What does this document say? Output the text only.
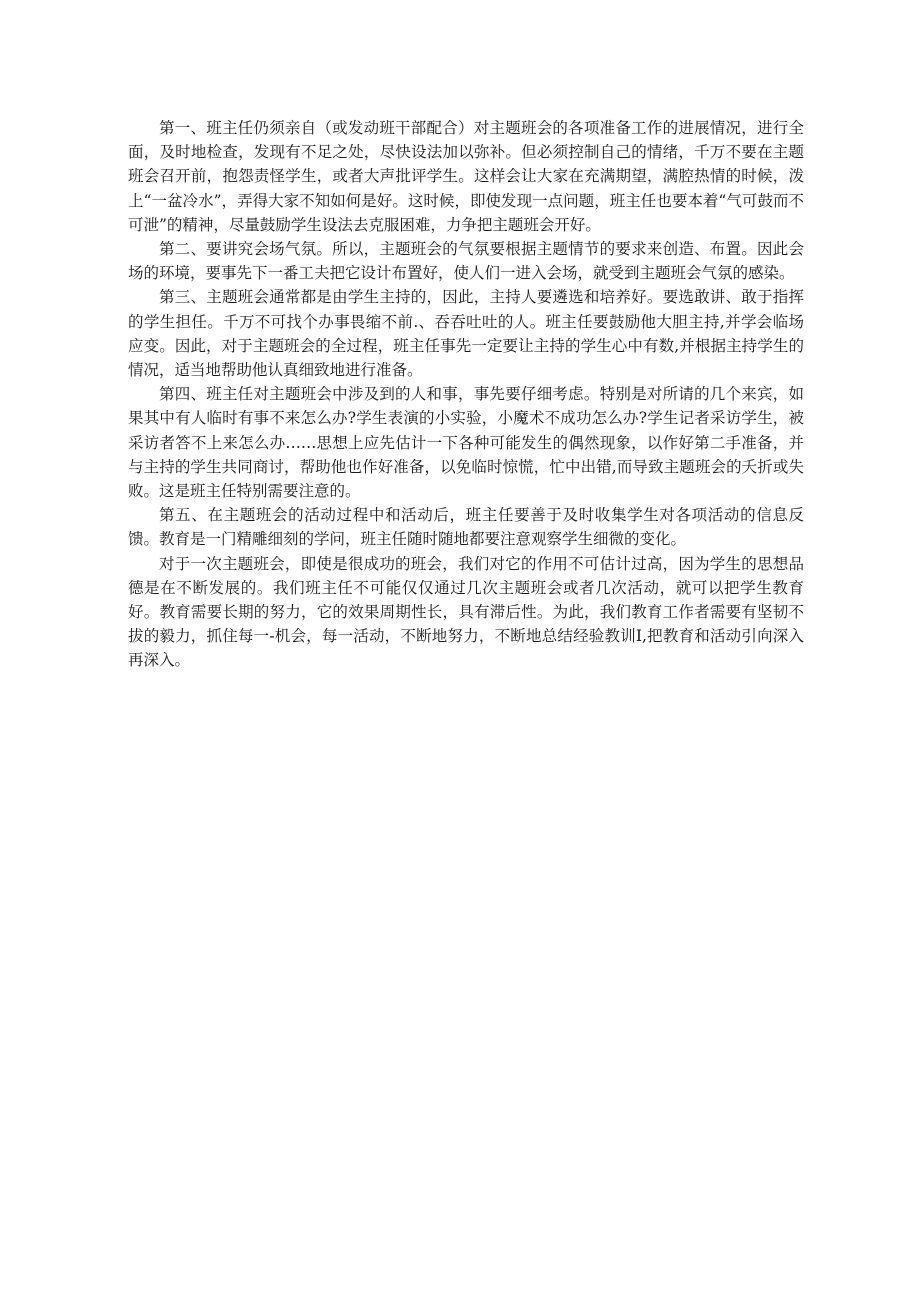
第一、班主任仍须亲自（或发动班干部配合）对主题班会的各项准备工作的进展情况，进行全面，及时地检查，发现有不足之处，尽快设法加以弥补。但必须控制自己的情绪，千万不要在主题班会召开前，抱怨责怪学生，或者大声批评学生。这样会让大家在充满期望，满腔热情的时候，泼上“一盆冷水”，弄得大家不知如何是好。这时候，即使发现一点问题，班主任也要本着“气可鼓而不可泄”的精神，尽量鼓励学生设法去克服困难，力争把主题班会开好。

第二、要讲究会场气氛。所以，主题班会的气氛要根据主题情节的要求来创造、布置。因此会场的环境，要事先下一番工夫把它设计布置好，使人们一进入会场，就受到主题班会气氛的感染。

第三、主题班会通常都是由学生主持的，因此，主持人要遴选和培养好。要选敢讲、敢于指挥的学生担任。千万不可找个办事畏缩不前.、吞吞吐吐的人。班主任要鼓励他大胆主持,并学会临场应变。因此，对于主题班会的全过程，班主任事先一定要让主持的学生心中有数,并根据主持学生的情况，适当地帮助他认真细致地进行准备。

第四、班主任对主题班会中涉及到的人和事，事先要仔细考虑。特别是对所请的几个来宾，如果其中有人临时有事不来怎么办?学生表演的小实验，小魔术不成功怎么办?学生记者采访学生，被采访者答不上来怎么办……思想上应先估计一下各种可能发生的偶然现象，以作好第二手准备，并与主持的学生共同商讨，帮助他也作好准备，以免临时惊慌，忙中出错,而导致主题班会的夭折或失败。这是班主任特别需要注意的。

第五、在主题班会的活动过程中和活动后，班主任要善于及时收集学生对各项活动的信息反馈。教育是一门精雕细刻的学问，班主任随时随地都要注意观察学生细微的变化。

对于一次主题班会，即使是很成功的班会，我们对它的作用不可估计过高，因为学生的思想品德是在不断发展的。我们班主任不可能仅仅通过几次主题班会或者几次活动，就可以把学生教育好。教育需要长期的努力，它的效果周期性长，具有滞后性。为此，我们教育工作者需要有坚韧不拔的毅力，抓住每一-机会，每一活动，不断地努力，不断地总结经验教训I,把教育和活动引向深入再深入。
